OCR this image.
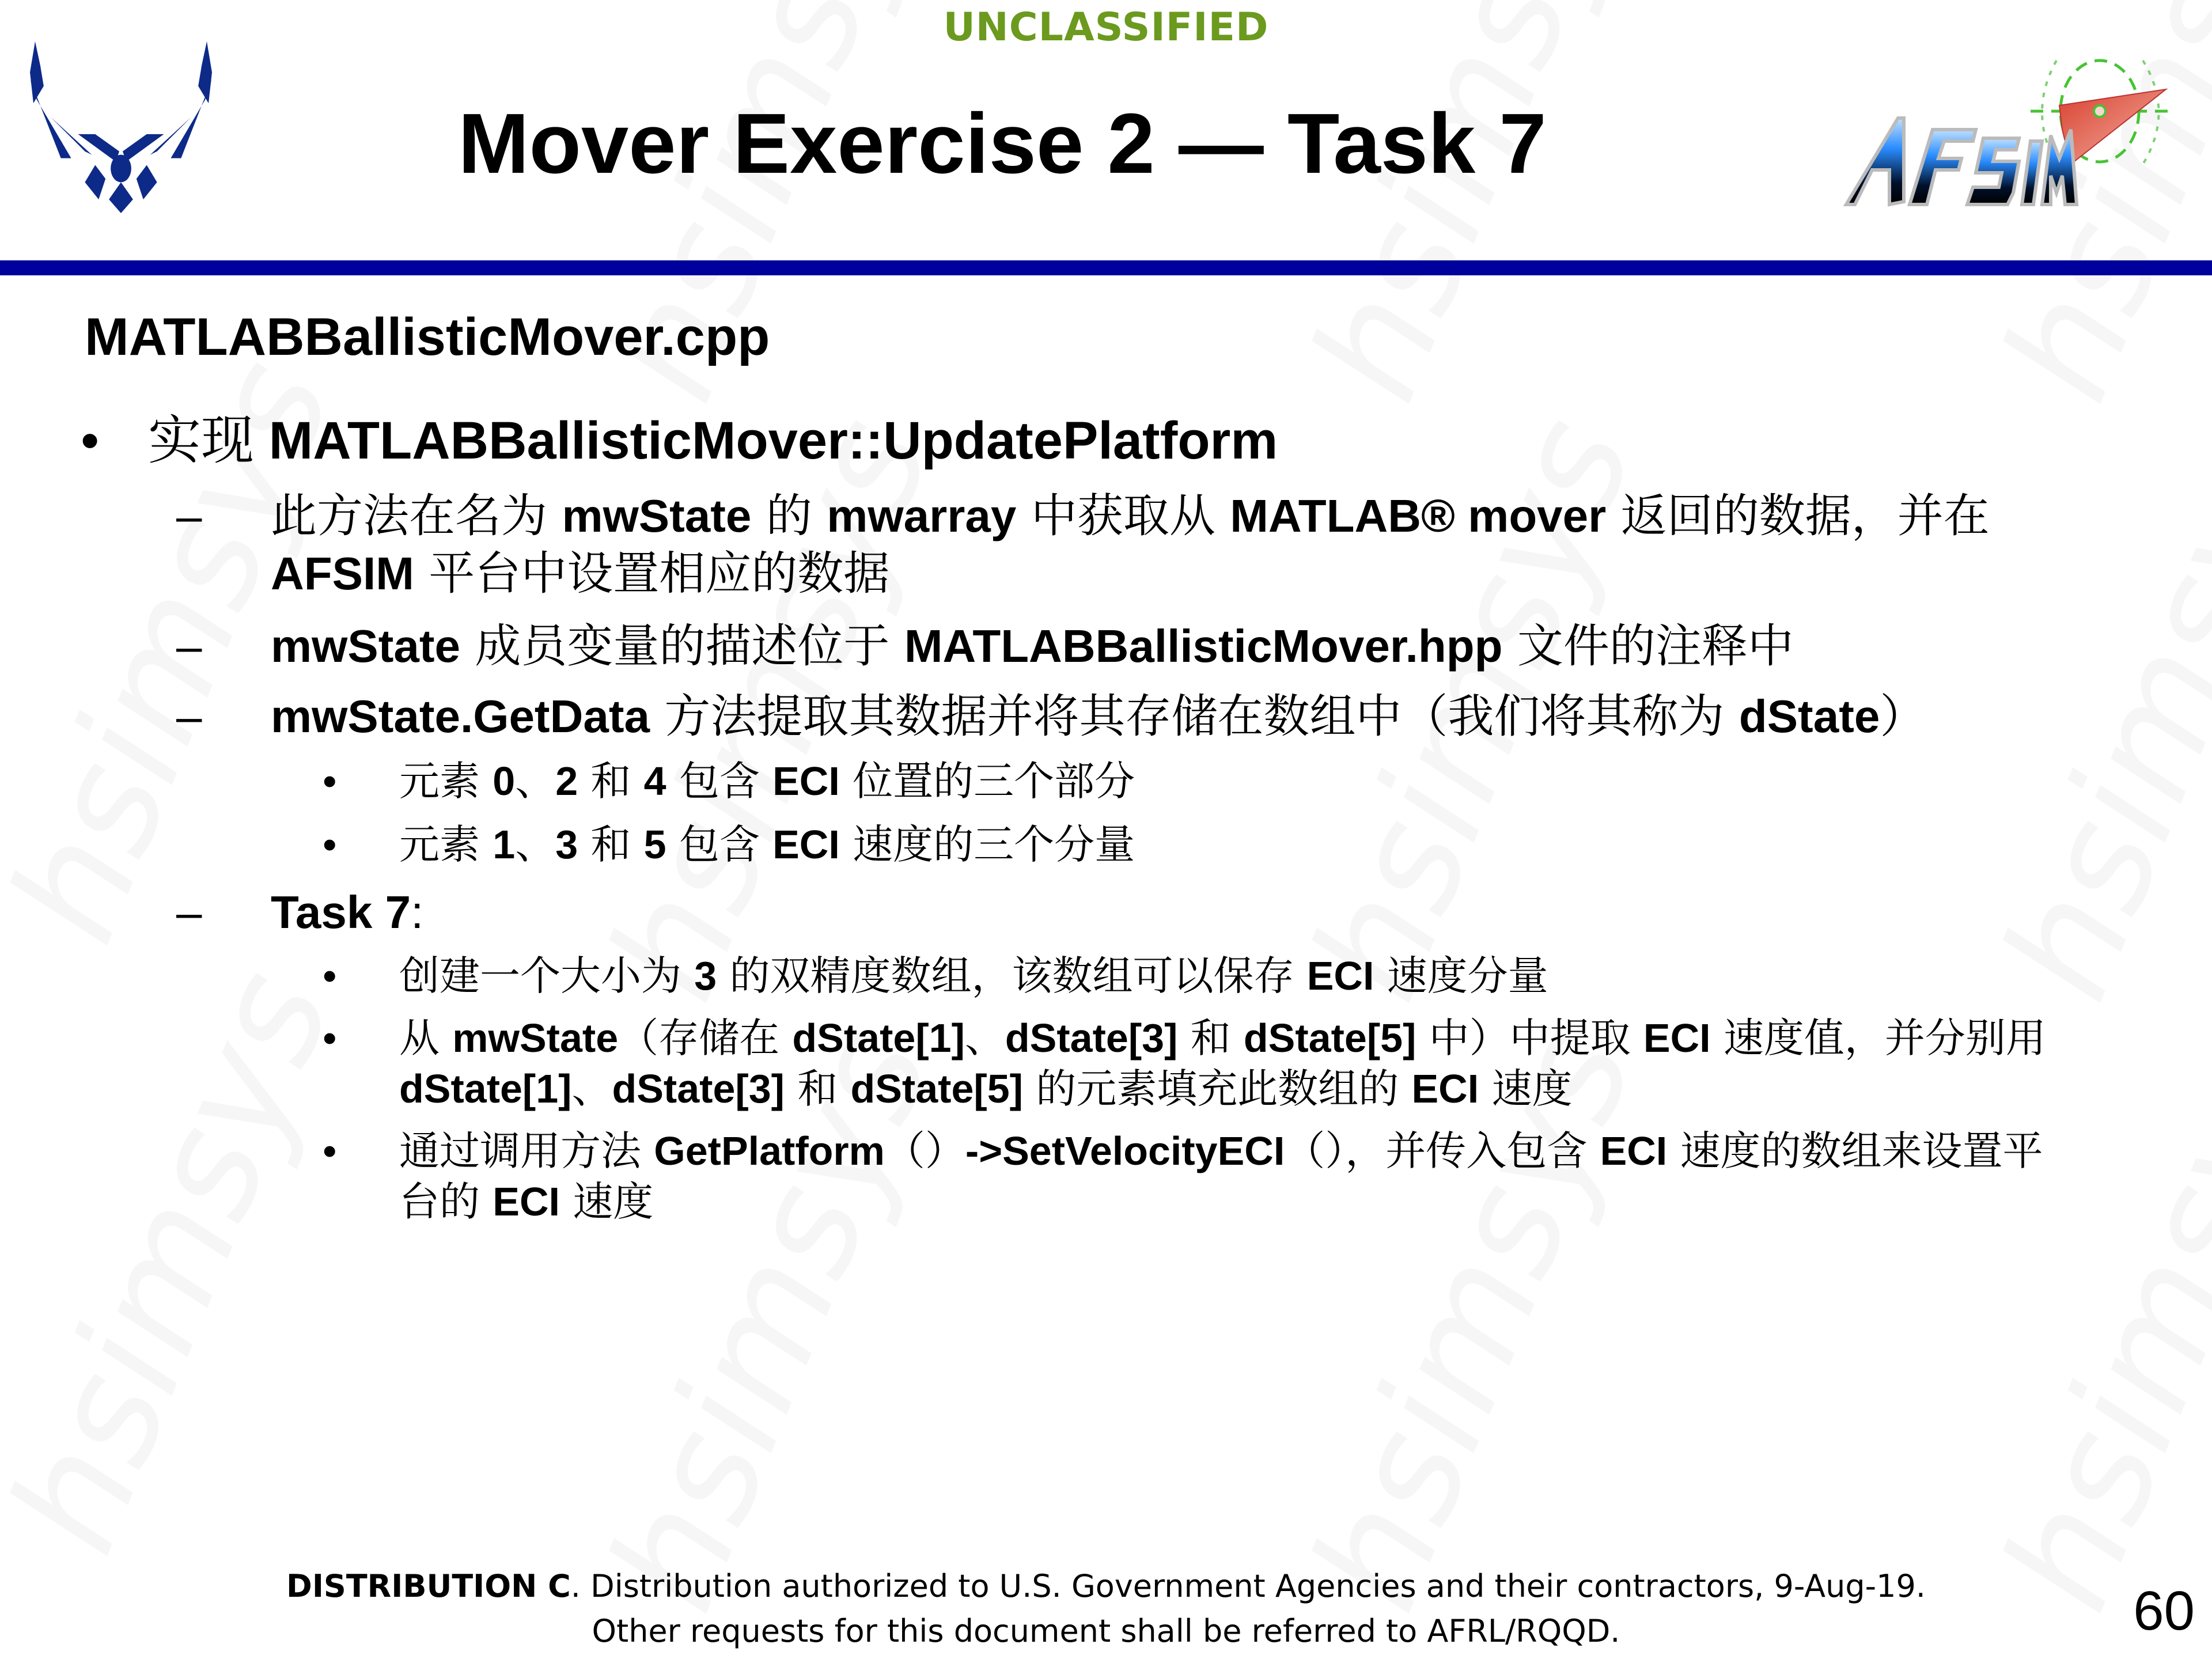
UNCLASSIFIED
Mover Exercise 2 — Task 7
MATLABBallisticMover.cpp
• 实现 MATLABBallisticMover::UpdatePlatform
– 此方法在名为 mwState 的 mwarray 中获取从 MATLAB® mover 返回的数据，并在
AFSIM 平台中设置相应的数据
– mwState 成员变量的描述位于 MATLABBallisticMover.hpp 文件的注释中
– mwState.GetData 方法提取其数据并将其存储在数组中（我们将其称为 dState）
• 元素 0、2 和 4 包含 ECI 位置的三个部分
• 元素 1、3 和 5 包含 ECI 速度的三个分量
– Task 7:
• 创建一个大小为 3 的双精度数组，该数组可以保存 ECI 速度分量
• 从 mwState（存储在 dState[1]、dState[3] 和 dState[5] 中）中提取 ECI 速度值，并分别用
dState[1]、dState[3] 和 dState[5] 的元素填充此数组的 ECI 速度
• 通过调用方法 GetPlatform（）->SetVelocityECI（），并传入包含 ECI 速度的数组来设置平
台的 ECI 速度
DISTRIBUTION C. Distribution authorized to U.S. Government Agencies and their contractors, 9-Aug-19.
Other requests for this document shall be referred to AFRL/RQQD.	60
